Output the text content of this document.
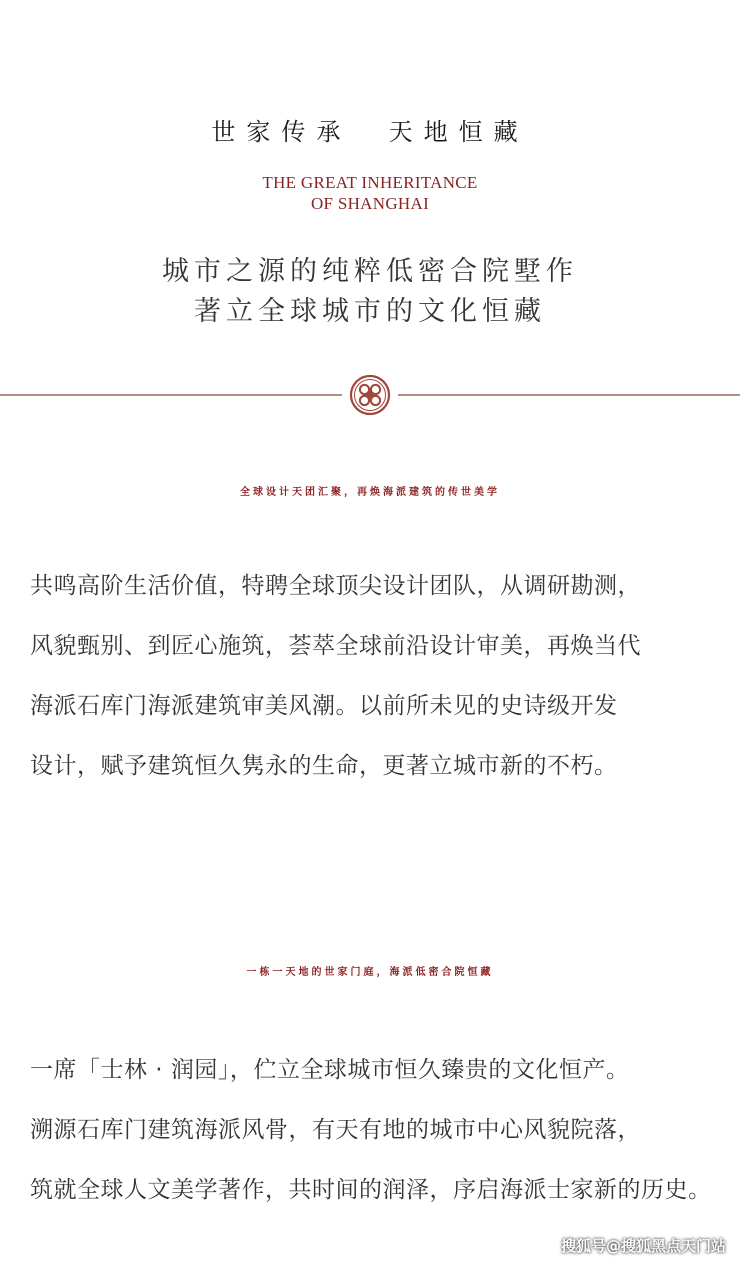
世家传承  天地恒藏
THE GREAT INHERITANCE
OF SHANGHAI
城市之源的纯粹低密合院墅作
著立全球城市的文化恒藏
全球设计天团汇聚，再焕海派建筑的传世美学
共鸣高阶生活价值，特聘全球顶尖设计团队，从调研勘测，
风貌甄别、到匠心施筑，荟萃全球前沿设计审美，再焕当代
海派石库门海派建筑审美风潮。以前所未见的史诗级开发
设计，赋予建筑恒久隽永的生命，更著立城市新的不朽。
一栋一天地的世家门庭，海派低密合院恒藏
一席「士林 · 润园」，伫立全球城市恒久臻贵的文化恒产。
溯源石库门建筑海派风骨，有天有地的城市中心风貌院落，
筑就全球人文美学著作，共时间的润泽，序启海派士家新的历史。
搜狐号@搜狐黑点天门站
